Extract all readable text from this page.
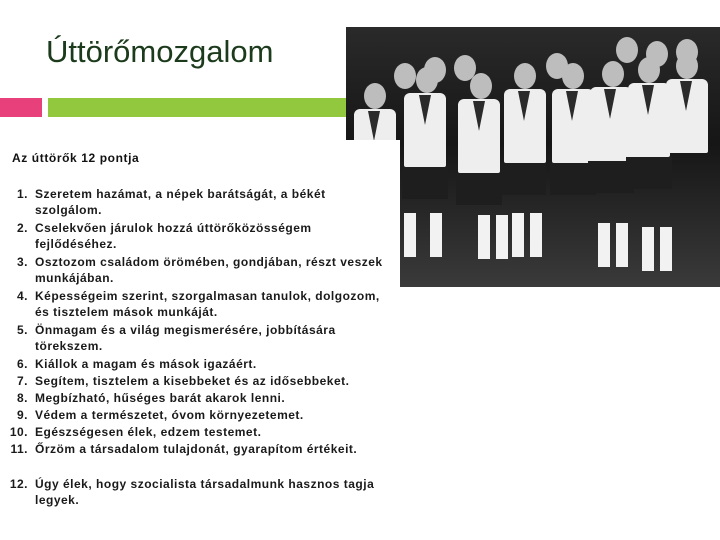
Úttörőmozgalom
Az úttörők 12 pontja
1. Szeretem hazámat, a népek barátságát, a békét szolgálom.
2. Cselekvően járulok hozzá úttörőközösségem fejlődéséhez.
3. Osztozom családom örömében, gondjában, részt veszek munkájában.
4. Képességeim szerint, szorgalmasan tanulok, dolgozom, és tisztelem mások munkáját.
5. Önmagam és a világ megismerésére, jobbítására törekszem.
6. Kiállok a magam és mások igazáért.
7. Segítem, tisztelem a kisebbeket és az idősebbeket.
8. Megbízható, hűséges barát akarok lenni.
9. Védem a természetet, óvom környezetemet.
10. Egészségesen élek, edzem testemet.
11. Őrzöm a társadalom tulajdonát, gyarapítom értékeit.
12. Úgy élek, hogy szocialista társadalmunk hasznos tagja legyek.
